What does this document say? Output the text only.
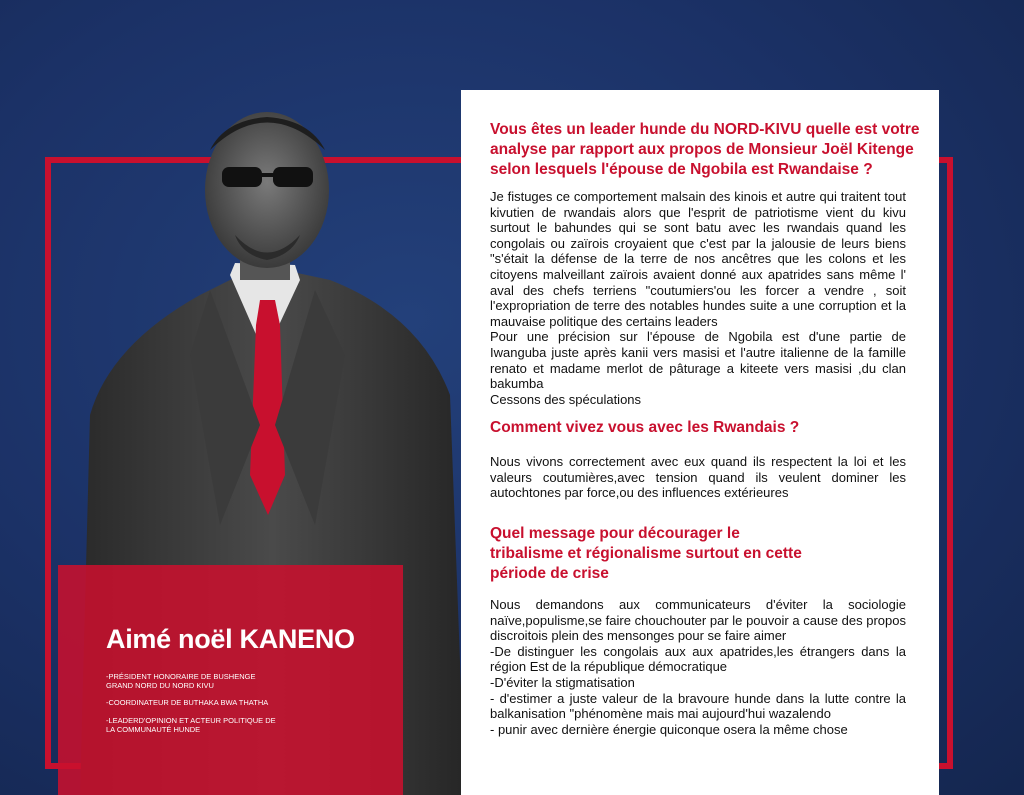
Aimé noël KANENO
-PRÉSIDENT HONORAIRE DE BUSHENGE
GRAND NORD DU NORD KIVU
-COORDINATEUR DE BUTHAKA BWA THATHA
-LEADERD'OPINION ET ACTEUR POLITIQUE DE
LA COMMUNAUTÉ HUNDE

Vous êtes un leader hunde du NORD-KIVU quelle est votre
analyse par rapport aux propos de Monsieur Joël Kitenge
selon lesquels l'épouse de Ngobila est Rwandaise ?

Je fistuges ce comportement malsain des kinois et autre qui traitent tout kivutien de rwandais alors que l'esprit de patriotisme vient du kivu surtout le bahundes qui se sont batu avec les rwandais quand les congolais ou zaïrois croyaient que c'est par la jalousie de leurs biens "s'était la défense de la terre de nos ancêtres que les colons et les citoyens malveillant zaïrois avaient donné aux apatrides sans même l' aval des chefs terriens "coutumiers'ou les forcer a vendre , soit l'expropriation de terre des notables hundes suite a une corruption et la mauvaise politique des certains leaders
Pour une précision sur l'épouse de Ngobila est d'une partie de Iwanguba juste après kanii vers masisi et l'autre italienne de la famille renato et madame merlot de pâturage a kiteete vers masisi ,du clan bakumba
Cessons des spéculations

Comment vivez vous avec les Rwandais ?

Nous vivons correctement avec eux quand ils respectent la loi et les valeurs coutumières,avec tension quand ils veulent dominer les autochtones par force,ou des influences extérieures

Quel message pour décourager le
tribalisme et régionalisme surtout en cette
période de crise

Nous demandons aux communicateurs d'éviter la sociologie naïve,populisme,se faire chouchouter par le pouvoir a cause des propos discroitois plein des mensonges pour se faire aimer
-De distinguer les congolais aux aux apatrides,les étrangers dans la région Est de la république démocratique
-D'éviter la stigmatisation
- d'estimer a juste valeur de la bravoure hunde dans la lutte contre la balkanisation "phénomène mais mai aujourd'hui wazalendo
- punir avec dernière énergie quiconque osera la même chose
